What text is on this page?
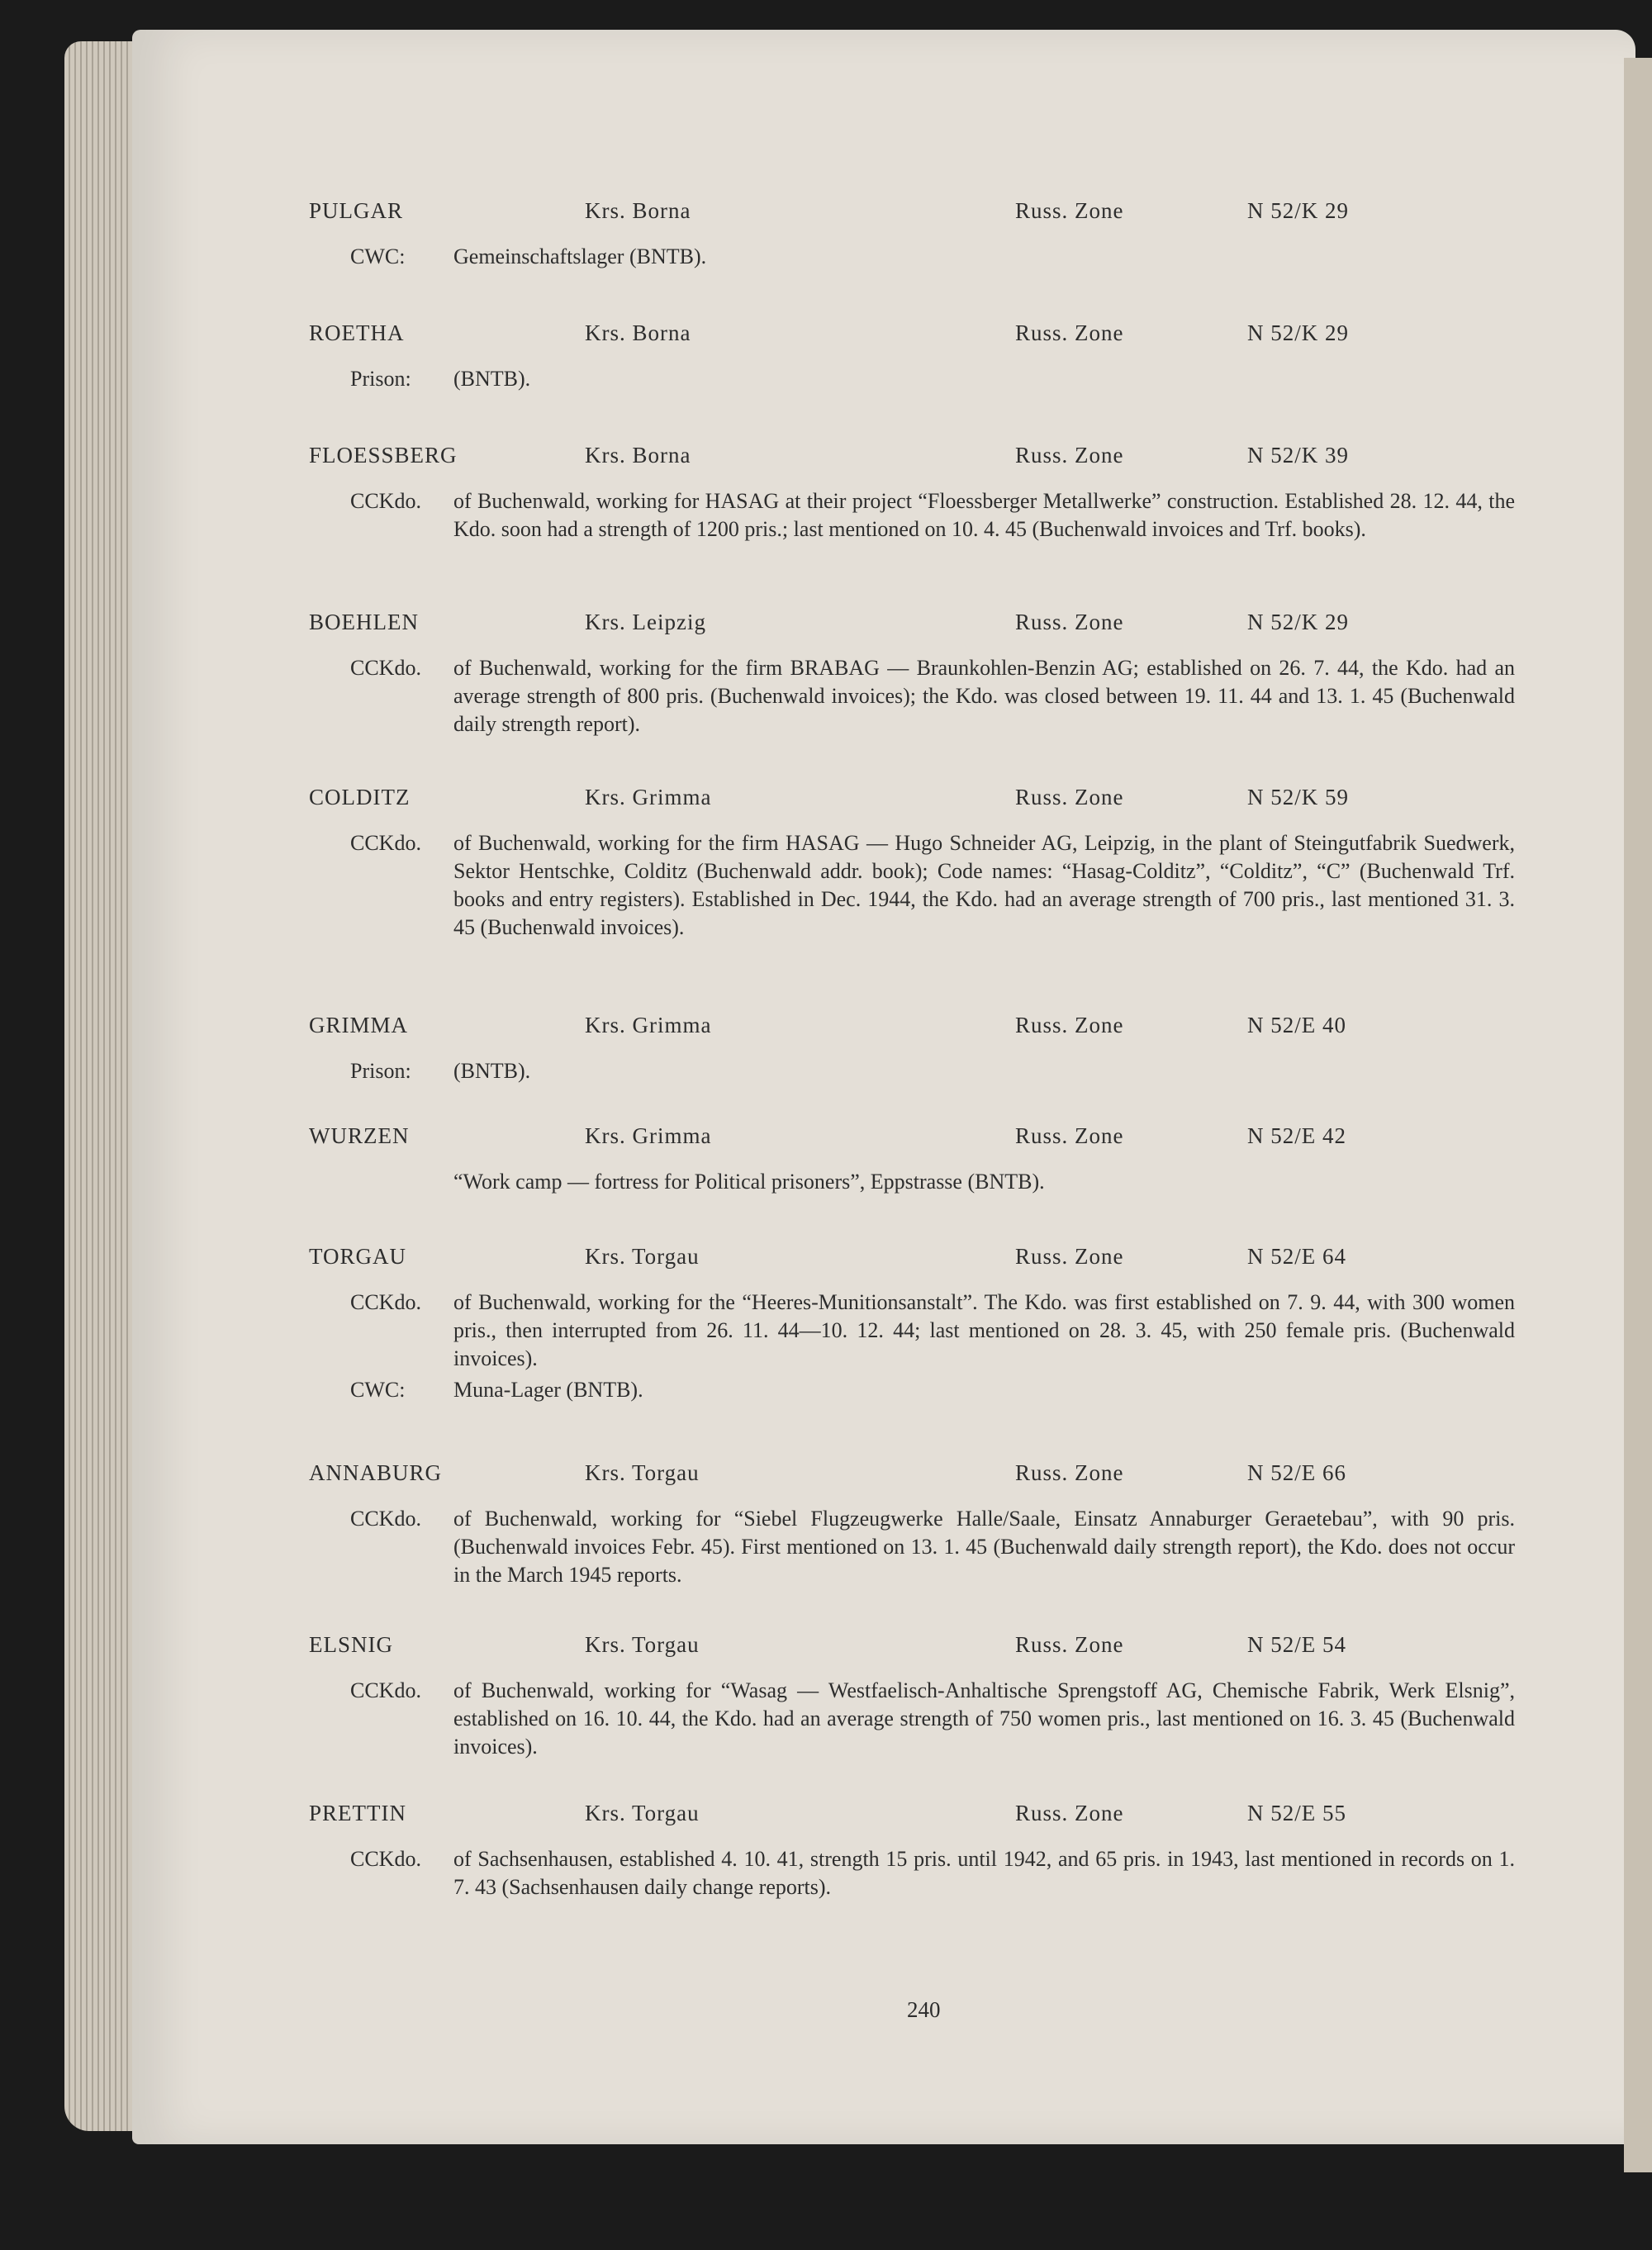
PULGAR	Krs. Borna	Russ. Zone	N 52/K 29
CWC: Gemeinschaftslager (BNTB).
ROETHA	Krs. Borna	Russ. Zone	N 52/K 29
Prison: (BNTB).
FLOESSBERG	Krs. Borna	Russ. Zone	N 52/K 39
CCKdo. of Buchenwald, working for HASAG at their project “Floessberger Metallwerke” construction. Established 28. 12. 44, the Kdo. soon had a strength of 1200 pris.; last mentioned on 10. 4. 45 (Buchenwald invoices and Trf. books).
BOEHLEN	Krs. Leipzig	Russ. Zone	N 52/K 29
CCKdo. of Buchenwald, working for the firm BRABAG — Braunkohlen-Benzin AG; established on 26. 7. 44, the Kdo. had an average strength of 800 pris. (Buchenwald invoices); the Kdo. was closed between 19. 11. 44 and 13. 1. 45 (Buchenwald daily strength report).
COLDITZ	Krs. Grimma	Russ. Zone	N 52/K 59
CCKdo. of Buchenwald, working for the firm HASAG — Hugo Schneider AG, Leipzig, in the plant of Steingutfabrik Suedwerk, Sektor Hentschke, Colditz (Buchenwald addr. book); Code names: “Hasag-Colditz”, “Colditz”, “C” (Buchenwald Trf. books and entry registers). Established in Dec. 1944, the Kdo. had an average strength of 700 pris., last mentioned 31. 3. 45 (Buchenwald invoices).
GRIMMA	Krs. Grimma	Russ. Zone	N 52/E 40
Prison: (BNTB).
WURZEN	Krs. Grimma	Russ. Zone	N 52/E 42
“Work camp — fortress for Political prisoners”, Eppstrasse (BNTB).
TORGAU	Krs. Torgau	Russ. Zone	N 52/E 64
CCKdo. of Buchenwald, working for the “Heeres-Munitionsanstalt”. The Kdo. was first established on 7. 9. 44, with 300 women pris., then interrupted from 26. 11. 44—10. 12. 44; last mentioned on 28. 3. 45, with 250 female pris. (Buchenwald invoices).
CWC: Muna-Lager (BNTB).
ANNABURG	Krs. Torgau	Russ. Zone	N 52/E 66
CCKdo. of Buchenwald, working for “Siebel Flugzeugwerke Halle/Saale, Einsatz Annaburger Geraetebau”, with 90 pris. (Buchenwald invoices Febr. 45). First mentioned on 13. 1. 45 (Buchenwald daily strength report), the Kdo. does not occur in the March 1945 reports.
ELSNIG	Krs. Torgau	Russ. Zone	N 52/E 54
CCKdo. of Buchenwald, working for “Wasag — Westfaelisch-Anhaltische Sprengstoff AG, Chemische Fabrik, Werk Elsnig”, established on 16. 10. 44, the Kdo. had an average strength of 750 women pris., last mentioned on 16. 3. 45 (Buchenwald invoices).
PRETTIN	Krs. Torgau	Russ. Zone	N 52/E 55
CCKdo. of Sachsenhausen, established 4. 10. 41, strength 15 pris. until 1942, and 65 pris. in 1943, last mentioned in records on 1. 7. 43 (Sachsenhausen daily change reports).
240
